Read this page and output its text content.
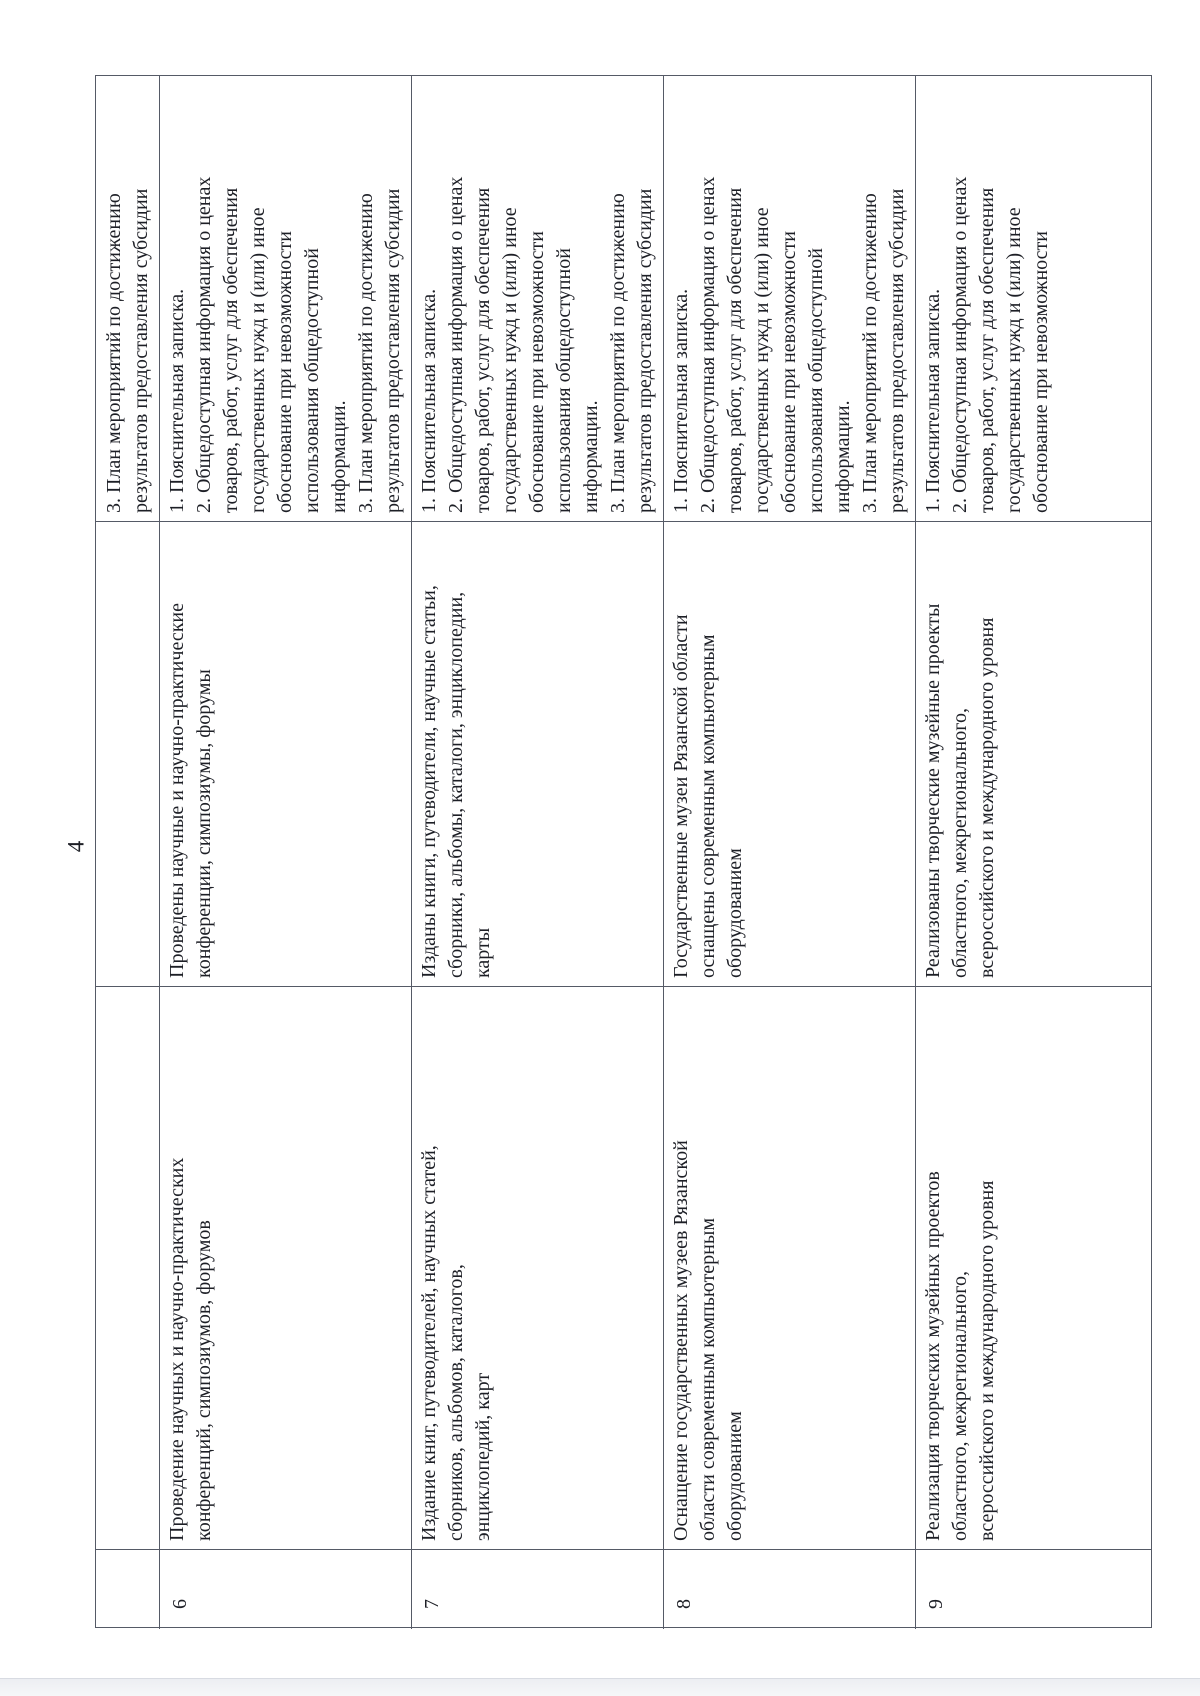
4
3. План мероприятий по достижению
результатов предоставления субсидии
6
Проведение научных и научно-практических
конференций, симпозиумов, форумов
Проведены научные и научно-практические
конференции, симпозиумы, форумы
1. Пояснительная записка.
2. Общедоступная информация о ценах
товаров, работ, услуг для обеспечения
государственных нужд и (или) иное
обоснование при невозможности
использования общедоступной
информации.
3. План мероприятий по достижению
результатов предоставления субсидии
7
Издание книг, путеводителей, научных статей,
сборников, альбомов, каталогов,
энциклопедий, карт
Изданы книги, путеводители, научные статьи,
сборники, альбомы, каталоги, энциклопедии,
карты
1. Пояснительная записка.
2. Общедоступная информация о ценах
товаров, работ, услуг для обеспечения
государственных нужд и (или) иное
обоснование при невозможности
использования общедоступной
информации.
3. План мероприятий по достижению
результатов предоставления субсидии
8
Оснащение государственных музеев Рязанской
области современным компьютерным
оборудованием
Государственные музеи Рязанской области
оснащены современным компьютерным
оборудованием
1. Пояснительная записка.
2. Общедоступная информация о ценах
товаров, работ, услуг для обеспечения
государственных нужд и (или) иное
обоснование при невозможности
использования общедоступной
информации.
3. План мероприятий по достижению
результатов предоставления субсидии
9
Реализация творческих музейных проектов
областного, межрегионального,
всероссийского и международного уровня
Реализованы творческие музейные проекты
областного, межрегионального,
всероссийского и международного уровня
1. Пояснительная записка.
2. Общедоступная информация о ценах
товаров, работ, услуг для обеспечения
государственных нужд и (или) иное
обоснование при невозможности
